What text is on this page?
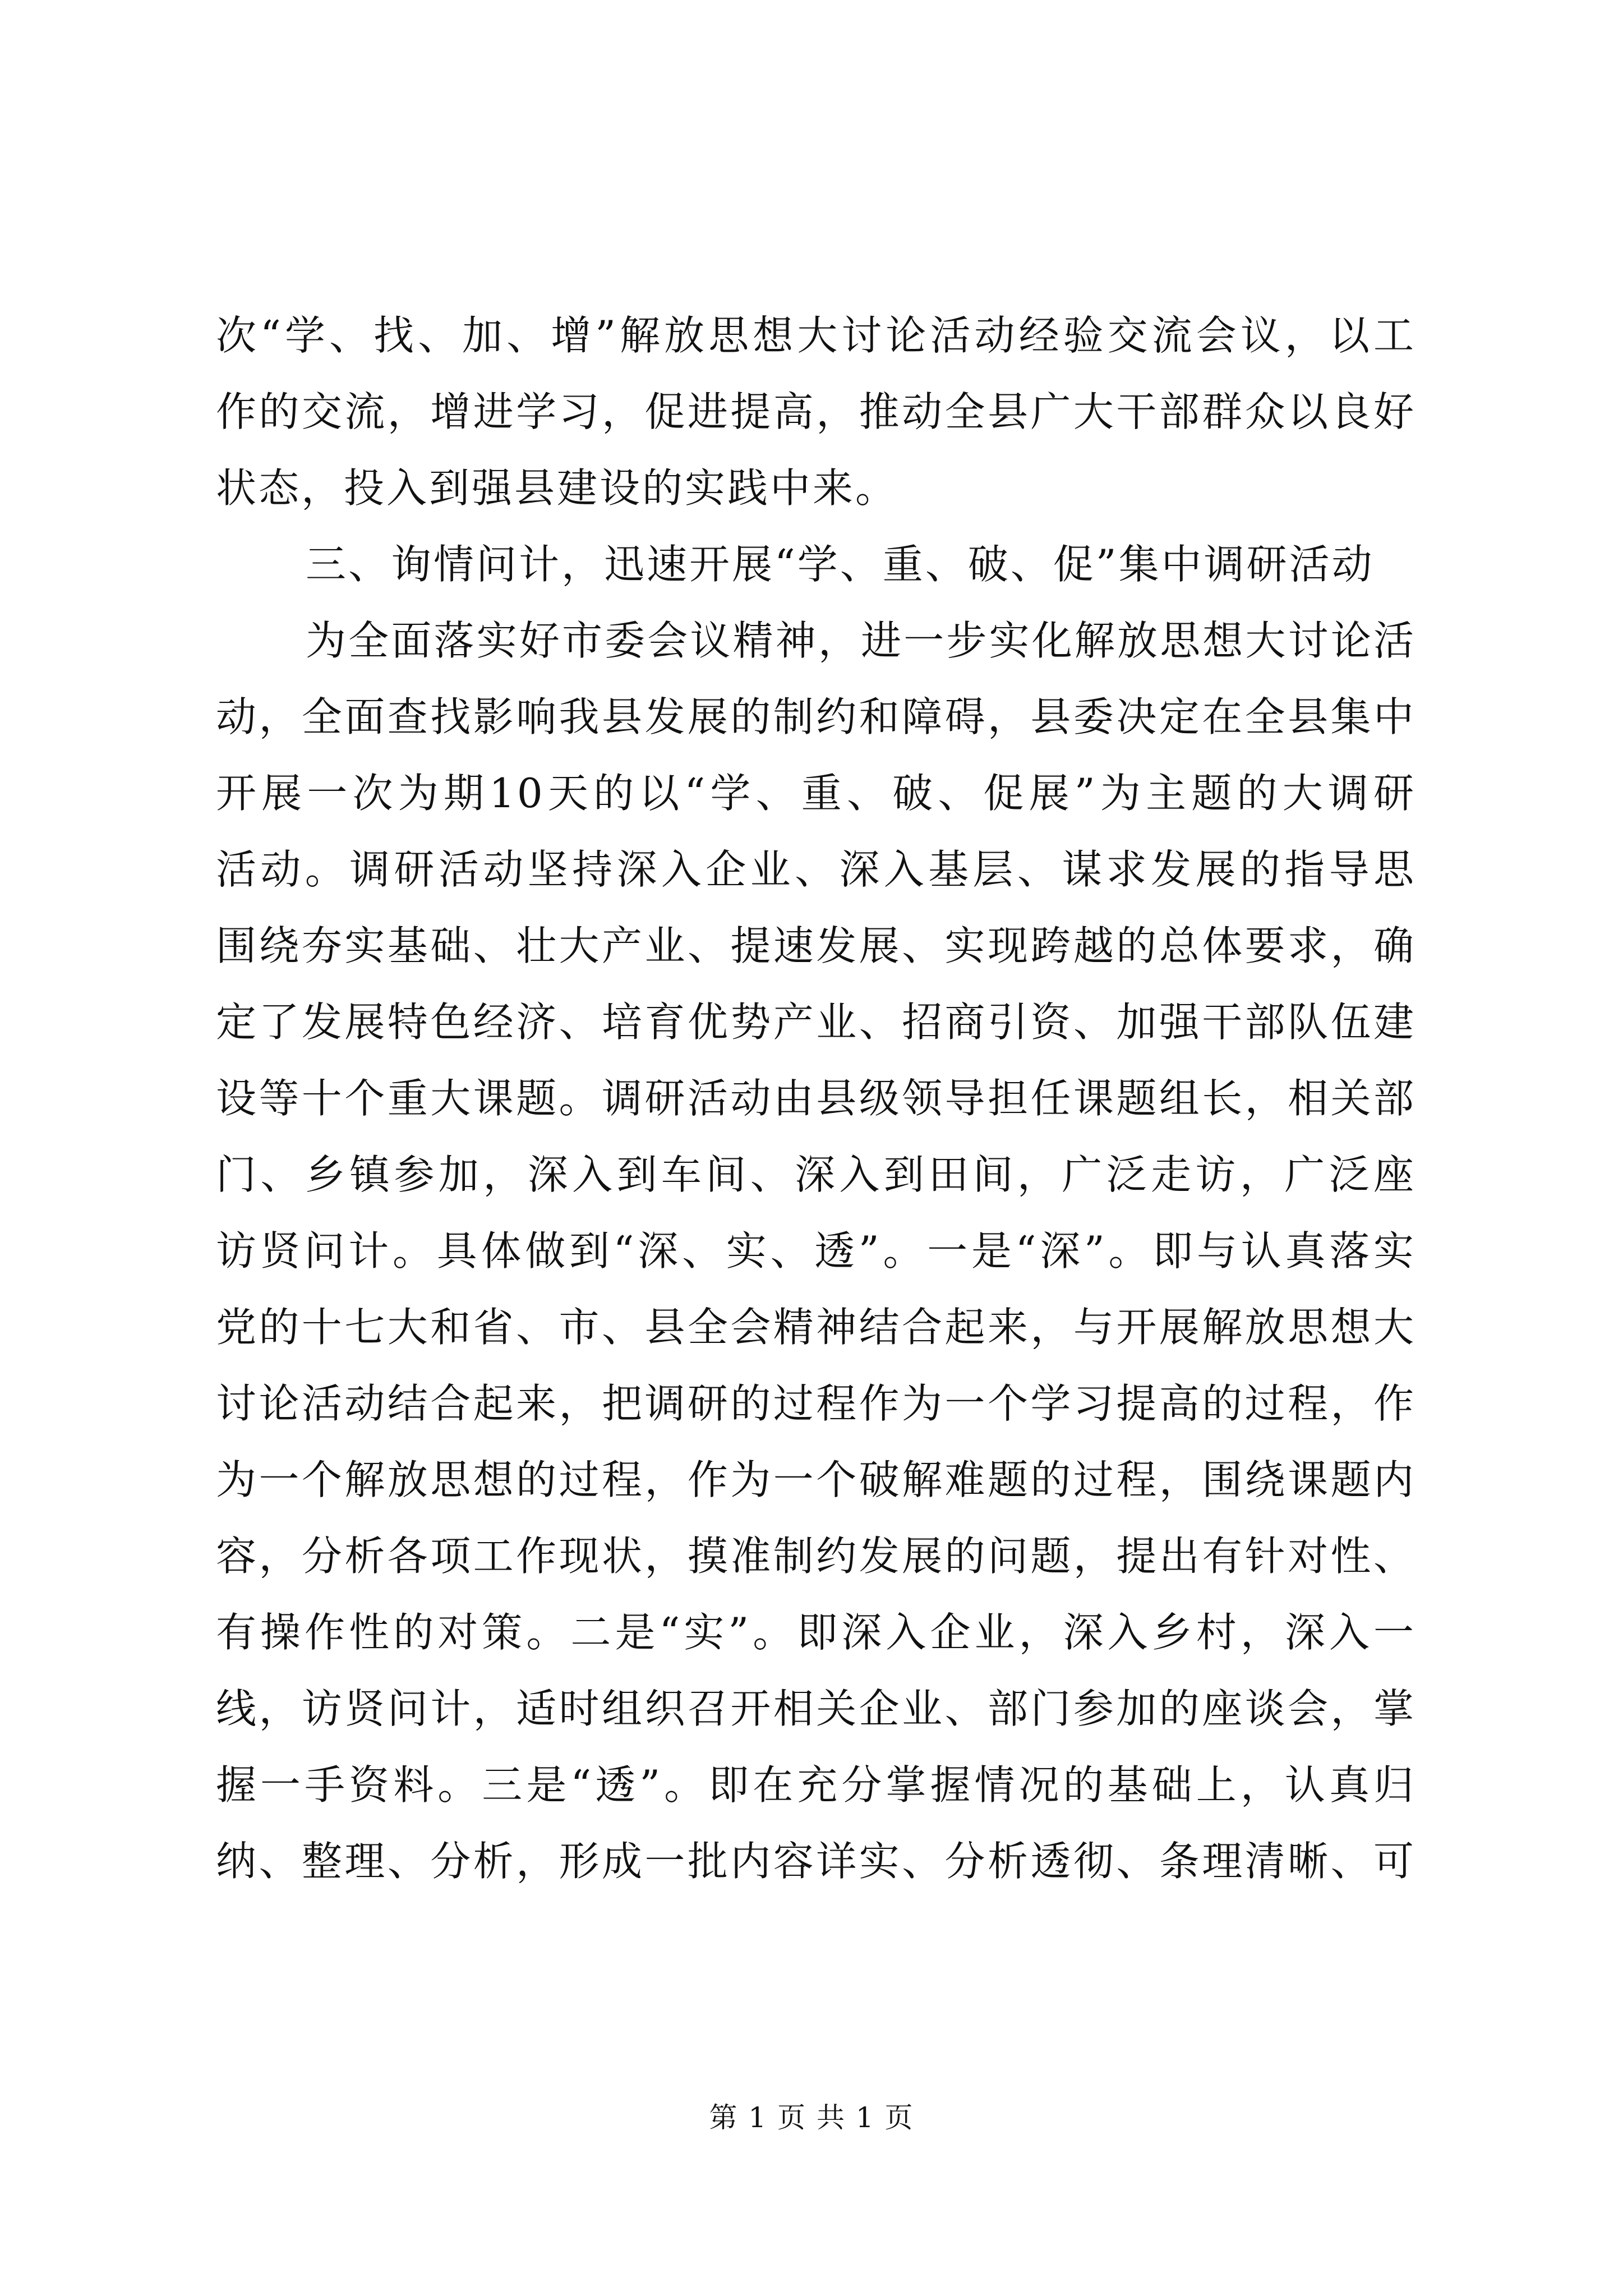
次“学、找、加、增”解放思想大讨论活动经验交流会议，以工
作的交流，增进学习，促进提高，推动全县广大干部群众以良好
状态，投入到强县建设的实践中来。
三、询情问计，迅速开展“学、重、破、促”集中调研活动
为全面落实好市委会议精神，进一步实化解放思想大讨论活
动，全面查找影响我县发展的制约和障碍，县委决定在全县集中
开展一次为期10天的以“学、重、破、促展”为主题的大调研
活动。调研活动坚持深入企业、深入基层、谋求发展的指导思
围绕夯实基础、壮大产业、提速发展、实现跨越的总体要求，确
定了发展特色经济、培育优势产业、招商引资、加强干部队伍建
设等十个重大课题。调研活动由县级领导担任课题组长，相关部
门、乡镇参加，深入到车间、深入到田间，广泛走访，广泛座
访贤问计。具体做到“深、实、透”。一是“深”。即与认真落实
党的十七大和省、市、县全会精神结合起来，与开展解放思想大
讨论活动结合起来，把调研的过程作为一个学习提高的过程，作
为一个解放思想的过程，作为一个破解难题的过程，围绕课题内
容，分析各项工作现状，摸准制约发展的问题，提出有针对性、
有操作性的对策。二是“实”。即深入企业，深入乡村，深入一
线，访贤问计，适时组织召开相关企业、部门参加的座谈会，掌
握一手资料。三是“透”。即在充分掌握情况的基础上，认真归
纳、整理、分析，形成一批内容详实、分析透彻、条理清晰、可
第 1 页 共 1 页
